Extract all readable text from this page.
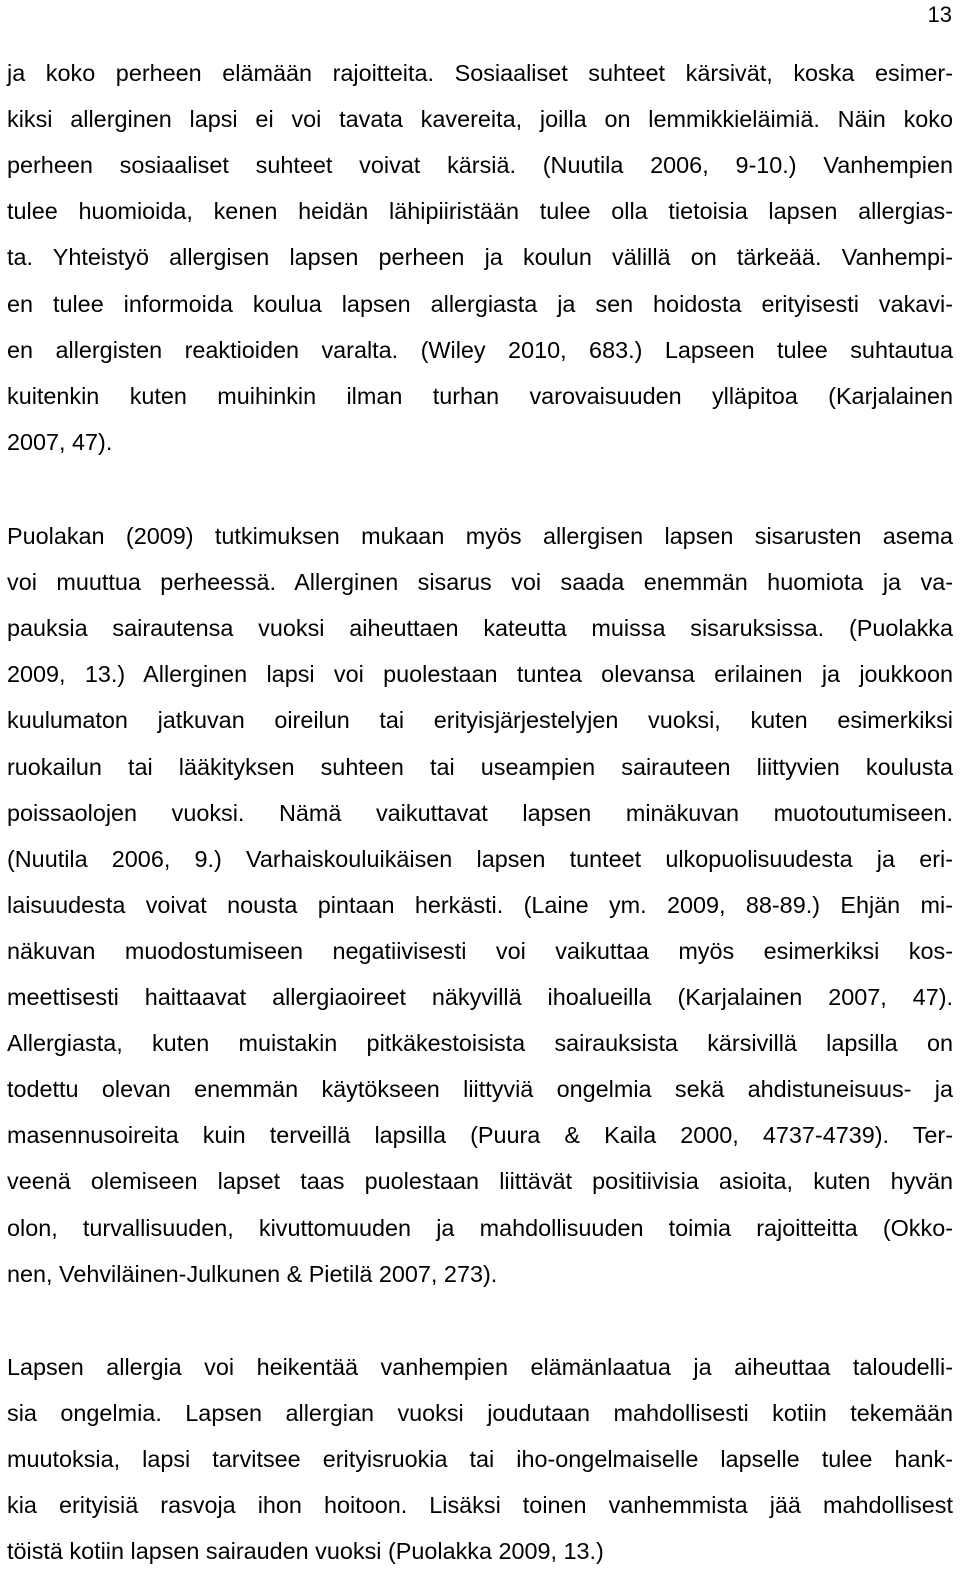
13
ja koko perheen elämään rajoitteita. Sosiaaliset suhteet kärsivät, koska esimer-
kiksi allerginen lapsi ei voi tavata kavereita, joilla on lemmikkieläimiä. Näin koko
perheen sosiaaliset suhteet voivat kärsiä. (Nuutila 2006, 9-10.) Vanhempien
tulee huomioida, kenen heidän lähipiiristään tulee olla tietoisia lapsen allergias-
ta. Yhteistyö allergisen lapsen perheen ja koulun välillä on tärkeää. Vanhempi-
en tulee informoida koulua lapsen allergiasta ja sen hoidosta erityisesti vakavi-
en allergisten reaktioiden varalta. (Wiley 2010, 683.) Lapseen tulee suhtautua
kuitenkin kuten muihinkin ilman turhan varovaisuuden ylläpitoa (Karjalainen
2007, 47).
Puolakan (2009) tutkimuksen mukaan myös allergisen lapsen sisarusten asema
voi muuttua perheessä. Allerginen sisarus voi saada enemmän huomiota ja va-
pauksia sairautensa vuoksi aiheuttaen kateutta muissa sisaruksissa. (Puolakka
2009, 13.) Allerginen lapsi voi puolestaan tuntea olevansa erilainen ja joukkoon
kuulumaton jatkuvan oireilun tai erityisjärjestelyjen vuoksi, kuten esimerkiksi
ruokailun tai lääkityksen suhteen tai useampien sairauteen liittyvien koulusta
poissaolojen vuoksi. Nämä vaikuttavat lapsen minäkuvan muotoutumiseen.
(Nuutila 2006, 9.) Varhaiskouluikäisen lapsen tunteet ulkopuolisuudesta ja eri-
laisuudesta voivat nousta pintaan herkästi. (Laine ym. 2009, 88-89.) Ehjän mi-
näkuvan muodostumiseen negatiivisesti voi vaikuttaa myös esimerkiksi kos-
meettisesti haittaavat allergiaoireet näkyvillä ihoalueilla (Karjalainen 2007, 47).
Allergiasta, kuten muistakin pitkäkestoisista sairauksista kärsivillä lapsilla on
todettu olevan enemmän käytökseen liittyviä ongelmia sekä ahdistuneisuus- ja
masennusoireita kuin terveillä lapsilla (Puura & Kaila 2000, 4737-4739). Ter-
veenä olemiseen lapset taas puolestaan liittävät positiivisia asioita, kuten hyvän
olon, turvallisuuden, kivuttomuuden ja mahdollisuuden toimia rajoitteitta (Okko-
nen, Vehviläinen-Julkunen & Pietilä 2007, 273).
Lapsen allergia voi heikentää vanhempien elämänlaatua ja aiheuttaa taloudelli-
sia ongelmia. Lapsen allergian vuoksi joudutaan mahdollisesti kotiin tekemään
muutoksia, lapsi tarvitsee erityisruokia tai iho-ongelmaiselle lapselle tulee hank-
kia erityisiä rasvoja ihon hoitoon. Lisäksi toinen vanhemmista jää mahdollisest
töistä kotiin lapsen sairauden vuoksi (Puolakka 2009, 13.)
